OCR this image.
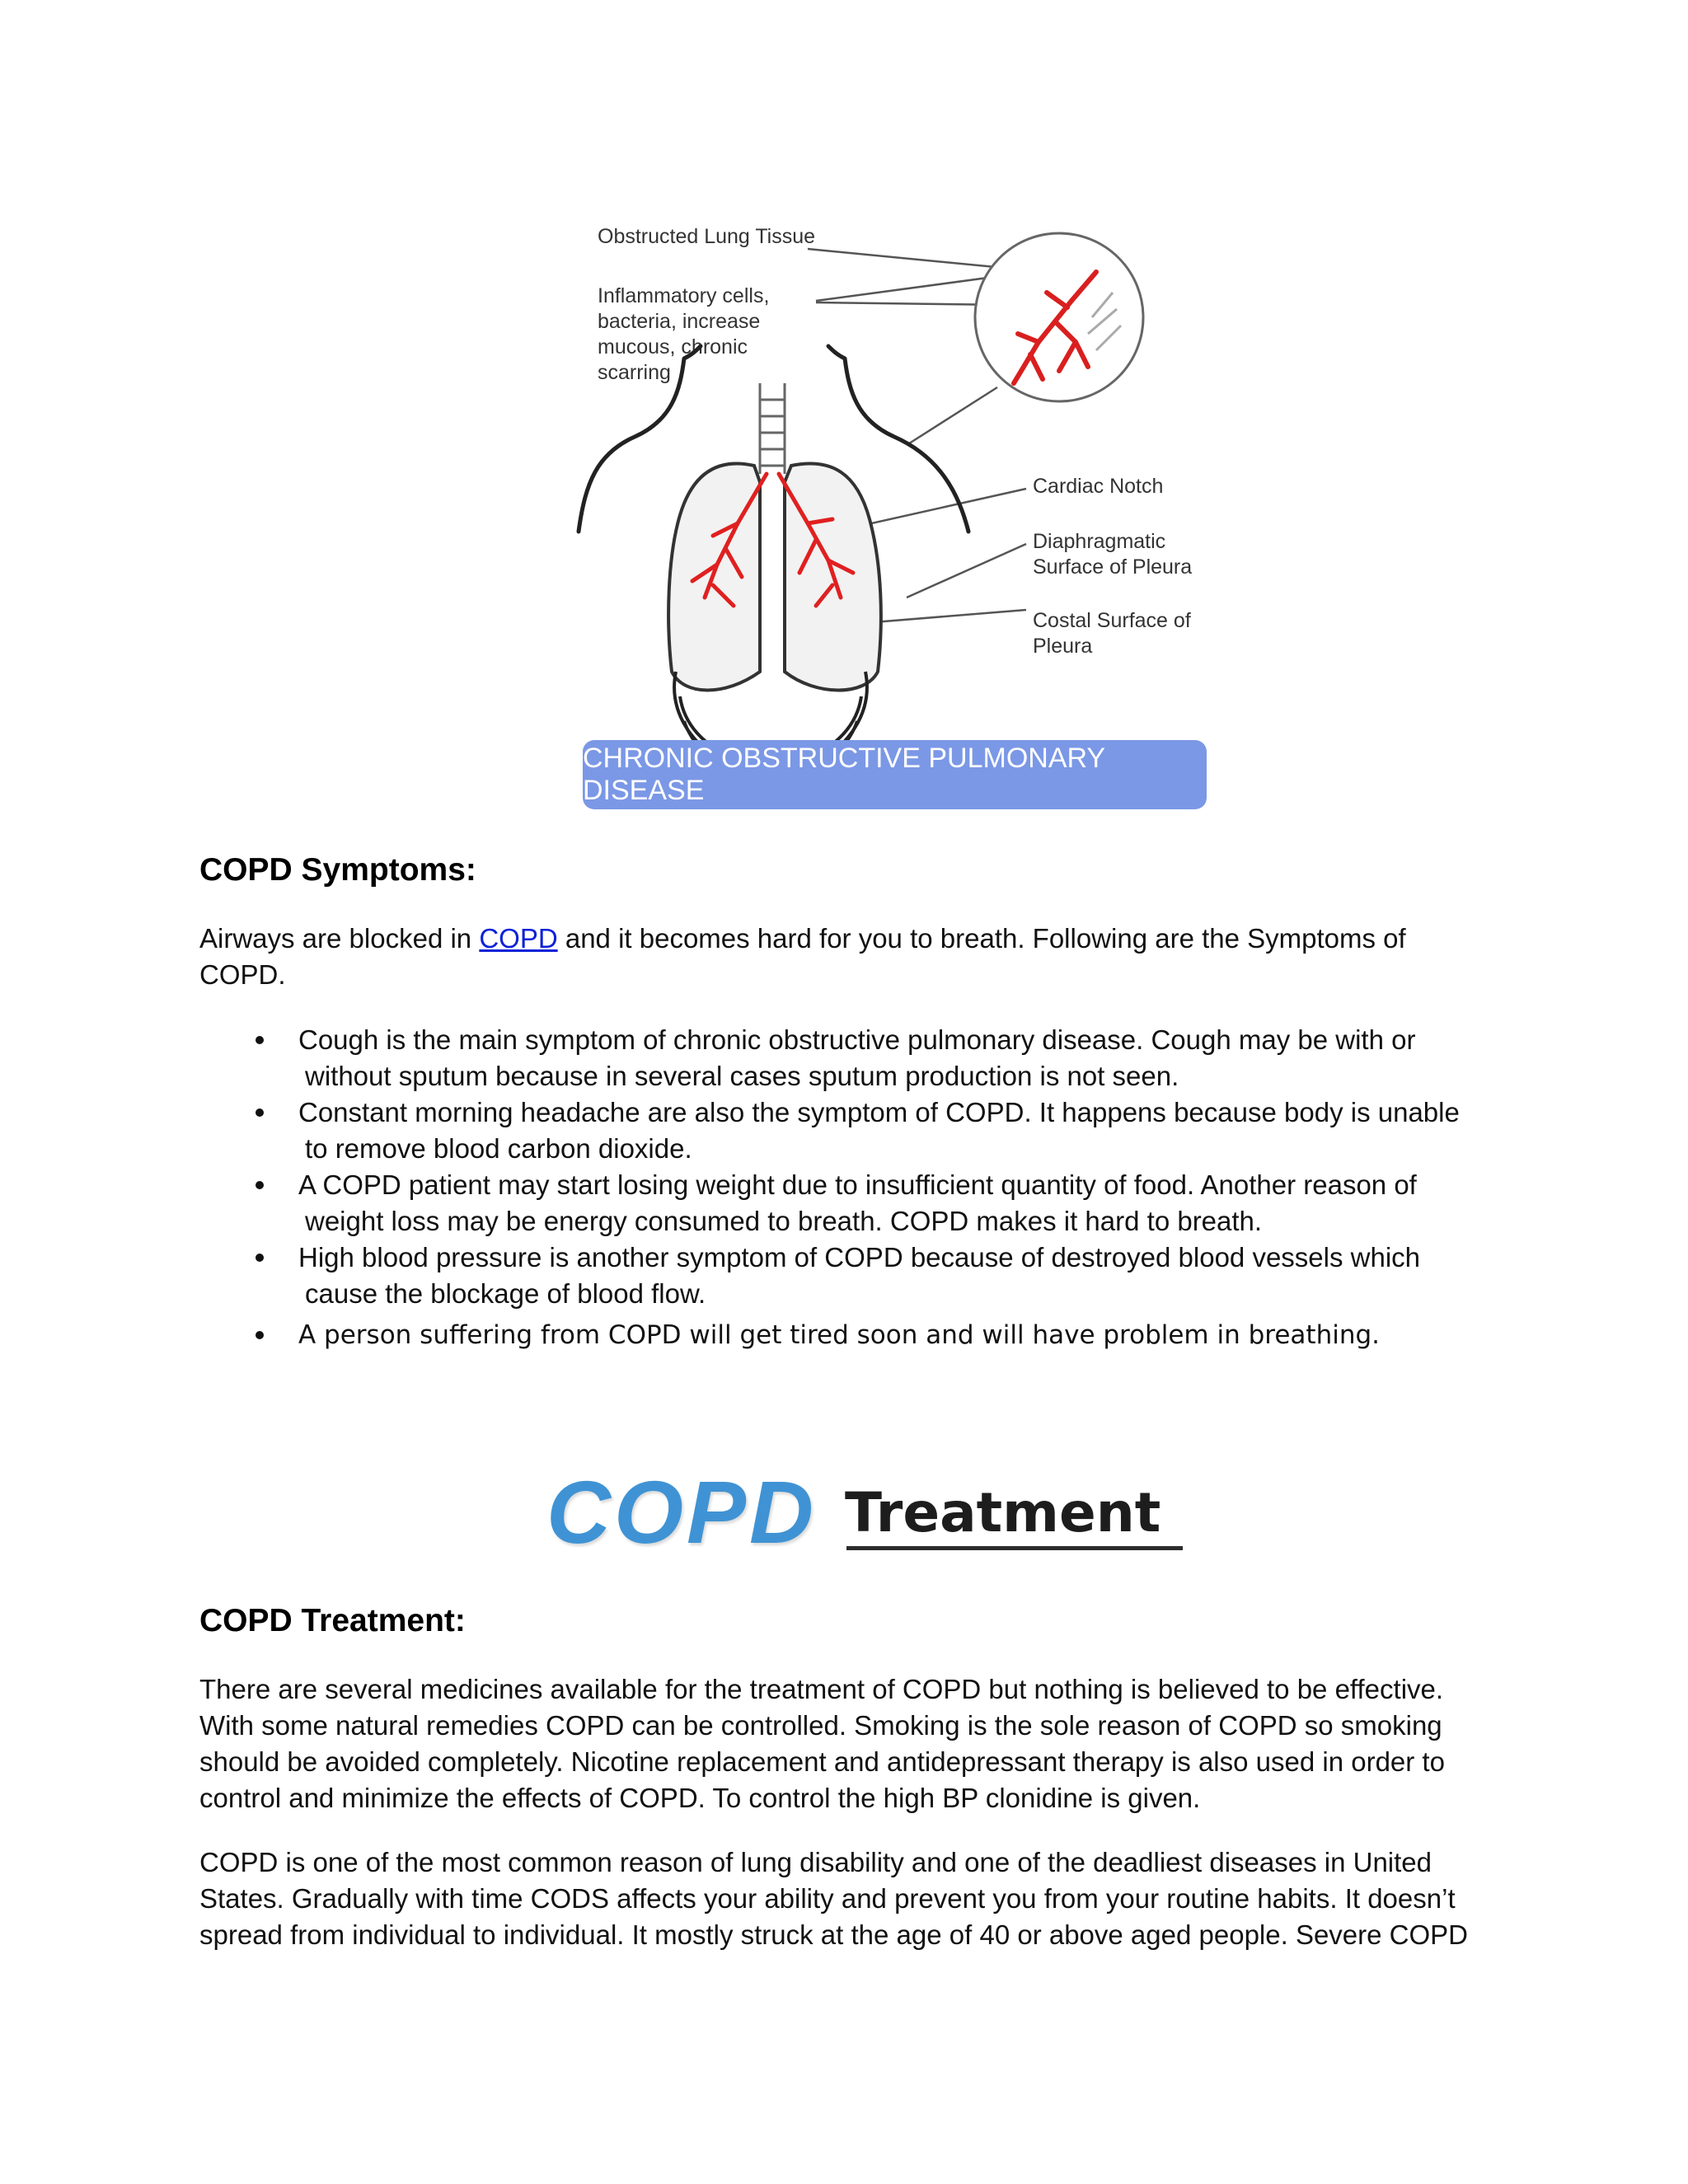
Obstructed Lung Tissue
Inflammatory cells, bacteria, increase mucous, chronic scarring
Cardiac Notch
Diaphragmatic Surface of Pleura
Costal Surface of Pleura
CHRONIC OBSTRUCTIVE PULMONARY DISEASE
COPD Symptoms:

Airways are blocked in COPD and it becomes hard for you to breath. Following are the Symptoms of
COPD.

Cough is the main symptom of chronic obstructive pulmonary disease. Cough may be with or

without sputum because in several cases sputum production is not seen.
Constant morning headache are also the symptom of COPD. It happens because body is unable

to remove blood carbon dioxide.
A COPD patient may start losing weight due to insufficient quantity of food. Another reason of

weight loss may be energy consumed to breath. COPD makes it hard to breath.
High blood pressure is another symptom of COPD because of destroyed blood vessels which

cause the blockage of blood flow.
A person suffering from COPD will get tired soon and will have problem in breathing.
COPD Treatment
COPD Treatment:

There are several medicines available for the treatment of COPD but nothing is believed to be effective.
With some natural remedies COPD can be controlled. Smoking is the sole reason of COPD so smoking
should be avoided completely. Nicotine replacement and antidepressant therapy is also used in order to
control and minimize the effects of COPD. To control the high BP clonidine is given.

COPD is one of the most common reason of lung disability and one of the deadliest diseases in United
States. Gradually with time CODS affects your ability and prevent you from your routine habits. It doesn’t
spread from individual to individual. It mostly struck at the age of 40 or above aged people. Severe COPD
